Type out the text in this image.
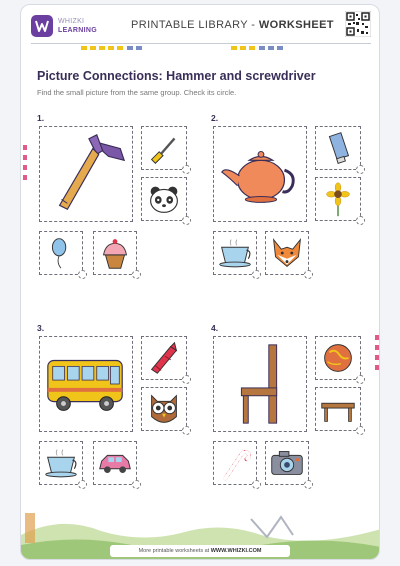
WHIZKI
LEARNING	PRINTABLE LIBRARY - WORKSHEET
Picture Connections: Hammer and screwdriver
Find the small picture from the same group. Check its circle.
1.	2.
3.	4.
More printable worksheets at WWW.WHIZKI.COM
